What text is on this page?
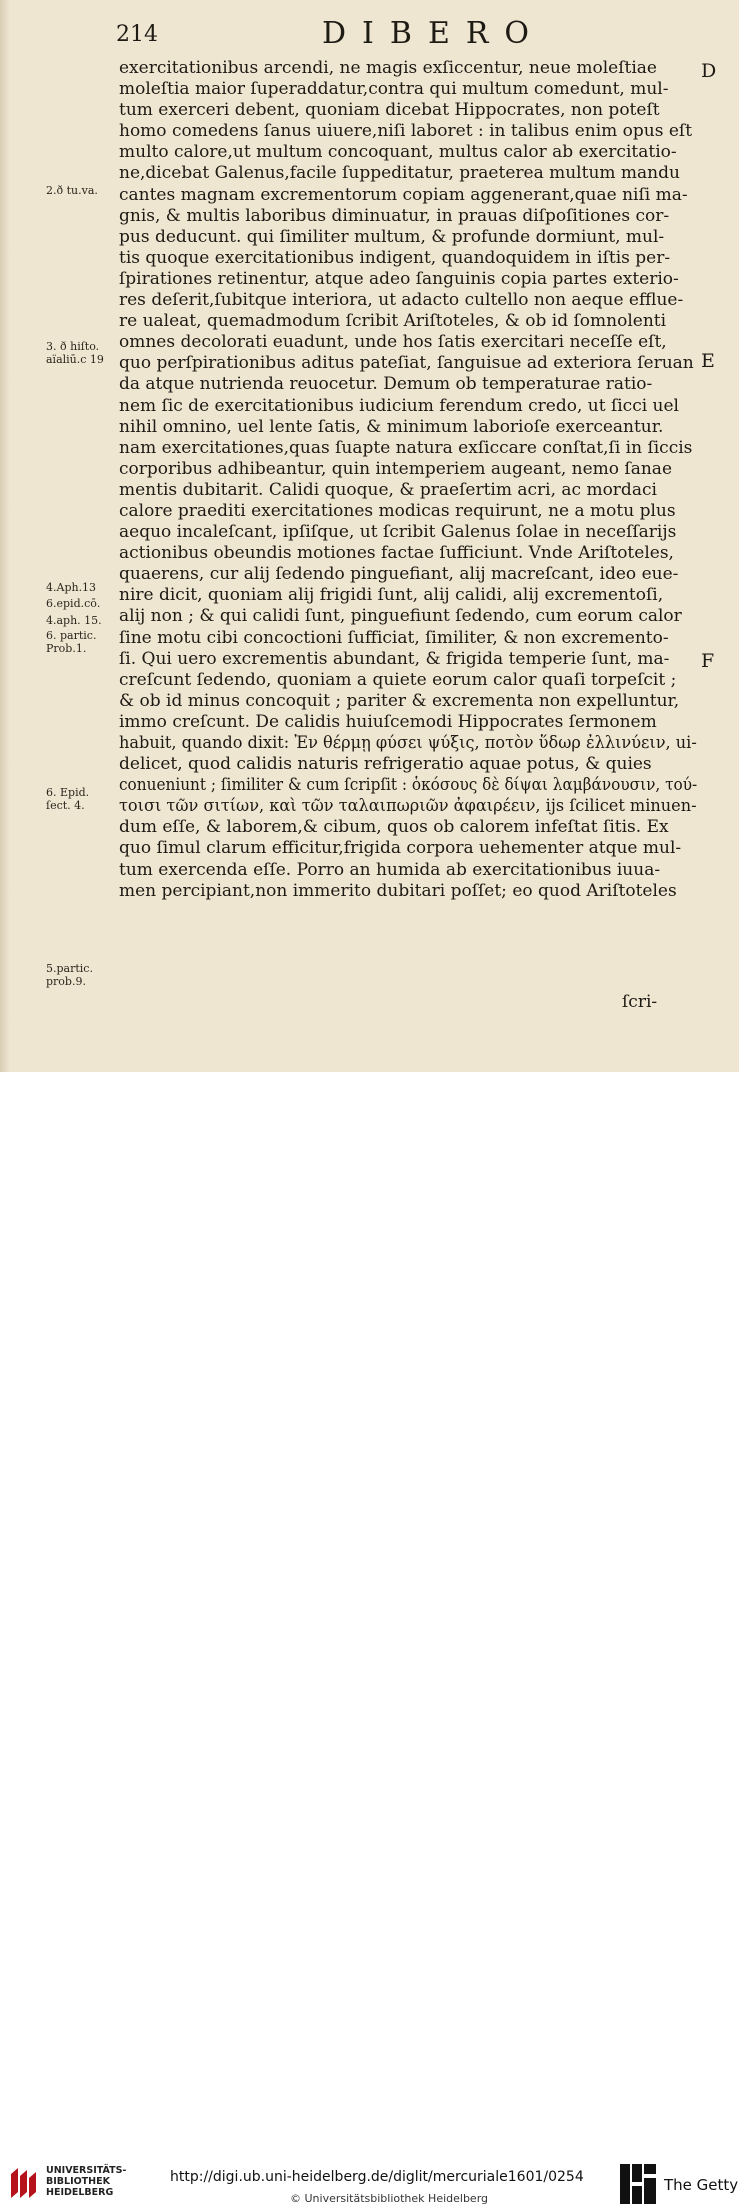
214	DIBERO
exercitationibus arcendi, ne magis exſiccentur, neue moleſtiae
moleſtia maior ſuperaddatur,contra qui multum comedunt, mul-
tum exerceri debent, quoniam dicebat Hippocrates, non poteſt
homo comedens ſanus uiuere,niſi laboret : in talibus enim opus eſt
multo calore,ut multum concoquant, multus calor ab exercitatio-
ne,dicebat Galenus,facile ſuppeditatur, praeterea multum mandu
cantes magnam excrementorum copiam aggenerant,quae niſi ma-
gnis, & multis laboribus diminuatur, in prauas diſpoſitiones cor-
pus deducunt. qui ſimiliter multum, & profunde dormiunt, mul-
tis quoque exercitationibus indigent, quandoquidem in iſtis per-
ſpirationes retinentur, atque adeo ſanguinis copia partes exterio-
res deſerit,ſubitque interiora, ut adacto cultello non aeque efflue-
re ualeat, quemadmodum ſcribit Ariſtoteles, & ob id ſomnolenti
omnes decolorati euadunt, unde hos ſatis exercitari neceſſe eſt,
quo perſpirationibus aditus pateſiat, ſanguisue ad exteriora ſeruan
da atque nutrienda reuocetur. Demum ob temperaturae ratio-
nem ſic de exercitationibus iudicium ferendum credo, ut ſicci uel
nihil omnino, uel lente ſatis, & minimum laborioſe exerceantur.
nam exercitationes,quas ſuapte natura exſiccare conſtat,ſi in ſiccis
corporibus adhibeantur, quin intemperiem augeant, nemo ſanae
mentis dubitarit. Calidi quoque, & praeſertim acri, ac mordaci
calore praediti exercitationes modicas requirunt, ne a motu plus
aequo incaleſcant, ipſiſque, ut ſcribit Galenus ſolae in neceſſarijs
actionibus obeundis motiones factae ſufficiunt. Vnde Ariſtoteles,
quaerens, cur alij ſedendo pinguefiant, alij macreſcant, ideo eue-
nire dicit, quoniam alij frigidi ſunt, alij calidi, alij excrementoſi,
alij non ; & qui calidi ſunt, pinguefiunt ſedendo, cum eorum calor
ſine motu cibi concoctioni ſufficiat, ſimiliter, & non excremento-
ſi. Qui uero excrementis abundant, & frigida temperie ſunt, ma-
creſcunt ſedendo, quoniam a quiete eorum calor quaſi torpeſcit ;
& ob id minus concoquit ; pariter & excrementa non expelluntur,
immo creſcunt. De calidis huiuſcemodi Hippocrates ſermonem
habuit, quando dixit: Ἐν θέρμῃ φύσει ψύξις, ποτὸν ὕδωρ ἐλλινύειν, ui-
delicet, quod calidis naturis refrigeratio aquae potus, & quies
conueniunt ; ſimiliter & cum ſcripſit : ὁκόσους δὲ δίψαι λαμβάνουσιν, τού-
τοισι τῶν σιτίων, καὶ τῶν ταλαιπωριῶν ἀφαιρέειν, ijs ſcilicet minuen-
dum eſſe, & laborem,& cibum, quos ob calorem infeſtat ſitis. Ex
quo ſimul clarum efficitur,frigida corpora uehementer atque mul-
tum exercenda eſſe. Porro an humida ab exercitationibus iuua-
men percipiant,non immerito dubitari poſſet; eo quod Ariſtoteles
ſcri-
2.ð tu.va.
3. ð hiſto.
aïaliū.c 19
4.Aph.13
6.epid.cō.
4.aph. 15.
6. partic.
Prob.1.
6. Epid.
ſect. 4.
5.partic.
prob.9.
D
E
F
UNIVERSITÄTS-
BIBLIOTHEK
HEIDELBERG
http://digi.ub.uni-heidelberg.de/diglit/mercuriale1601/0254
© Universitätsbibliothek Heidelberg
The Getty
